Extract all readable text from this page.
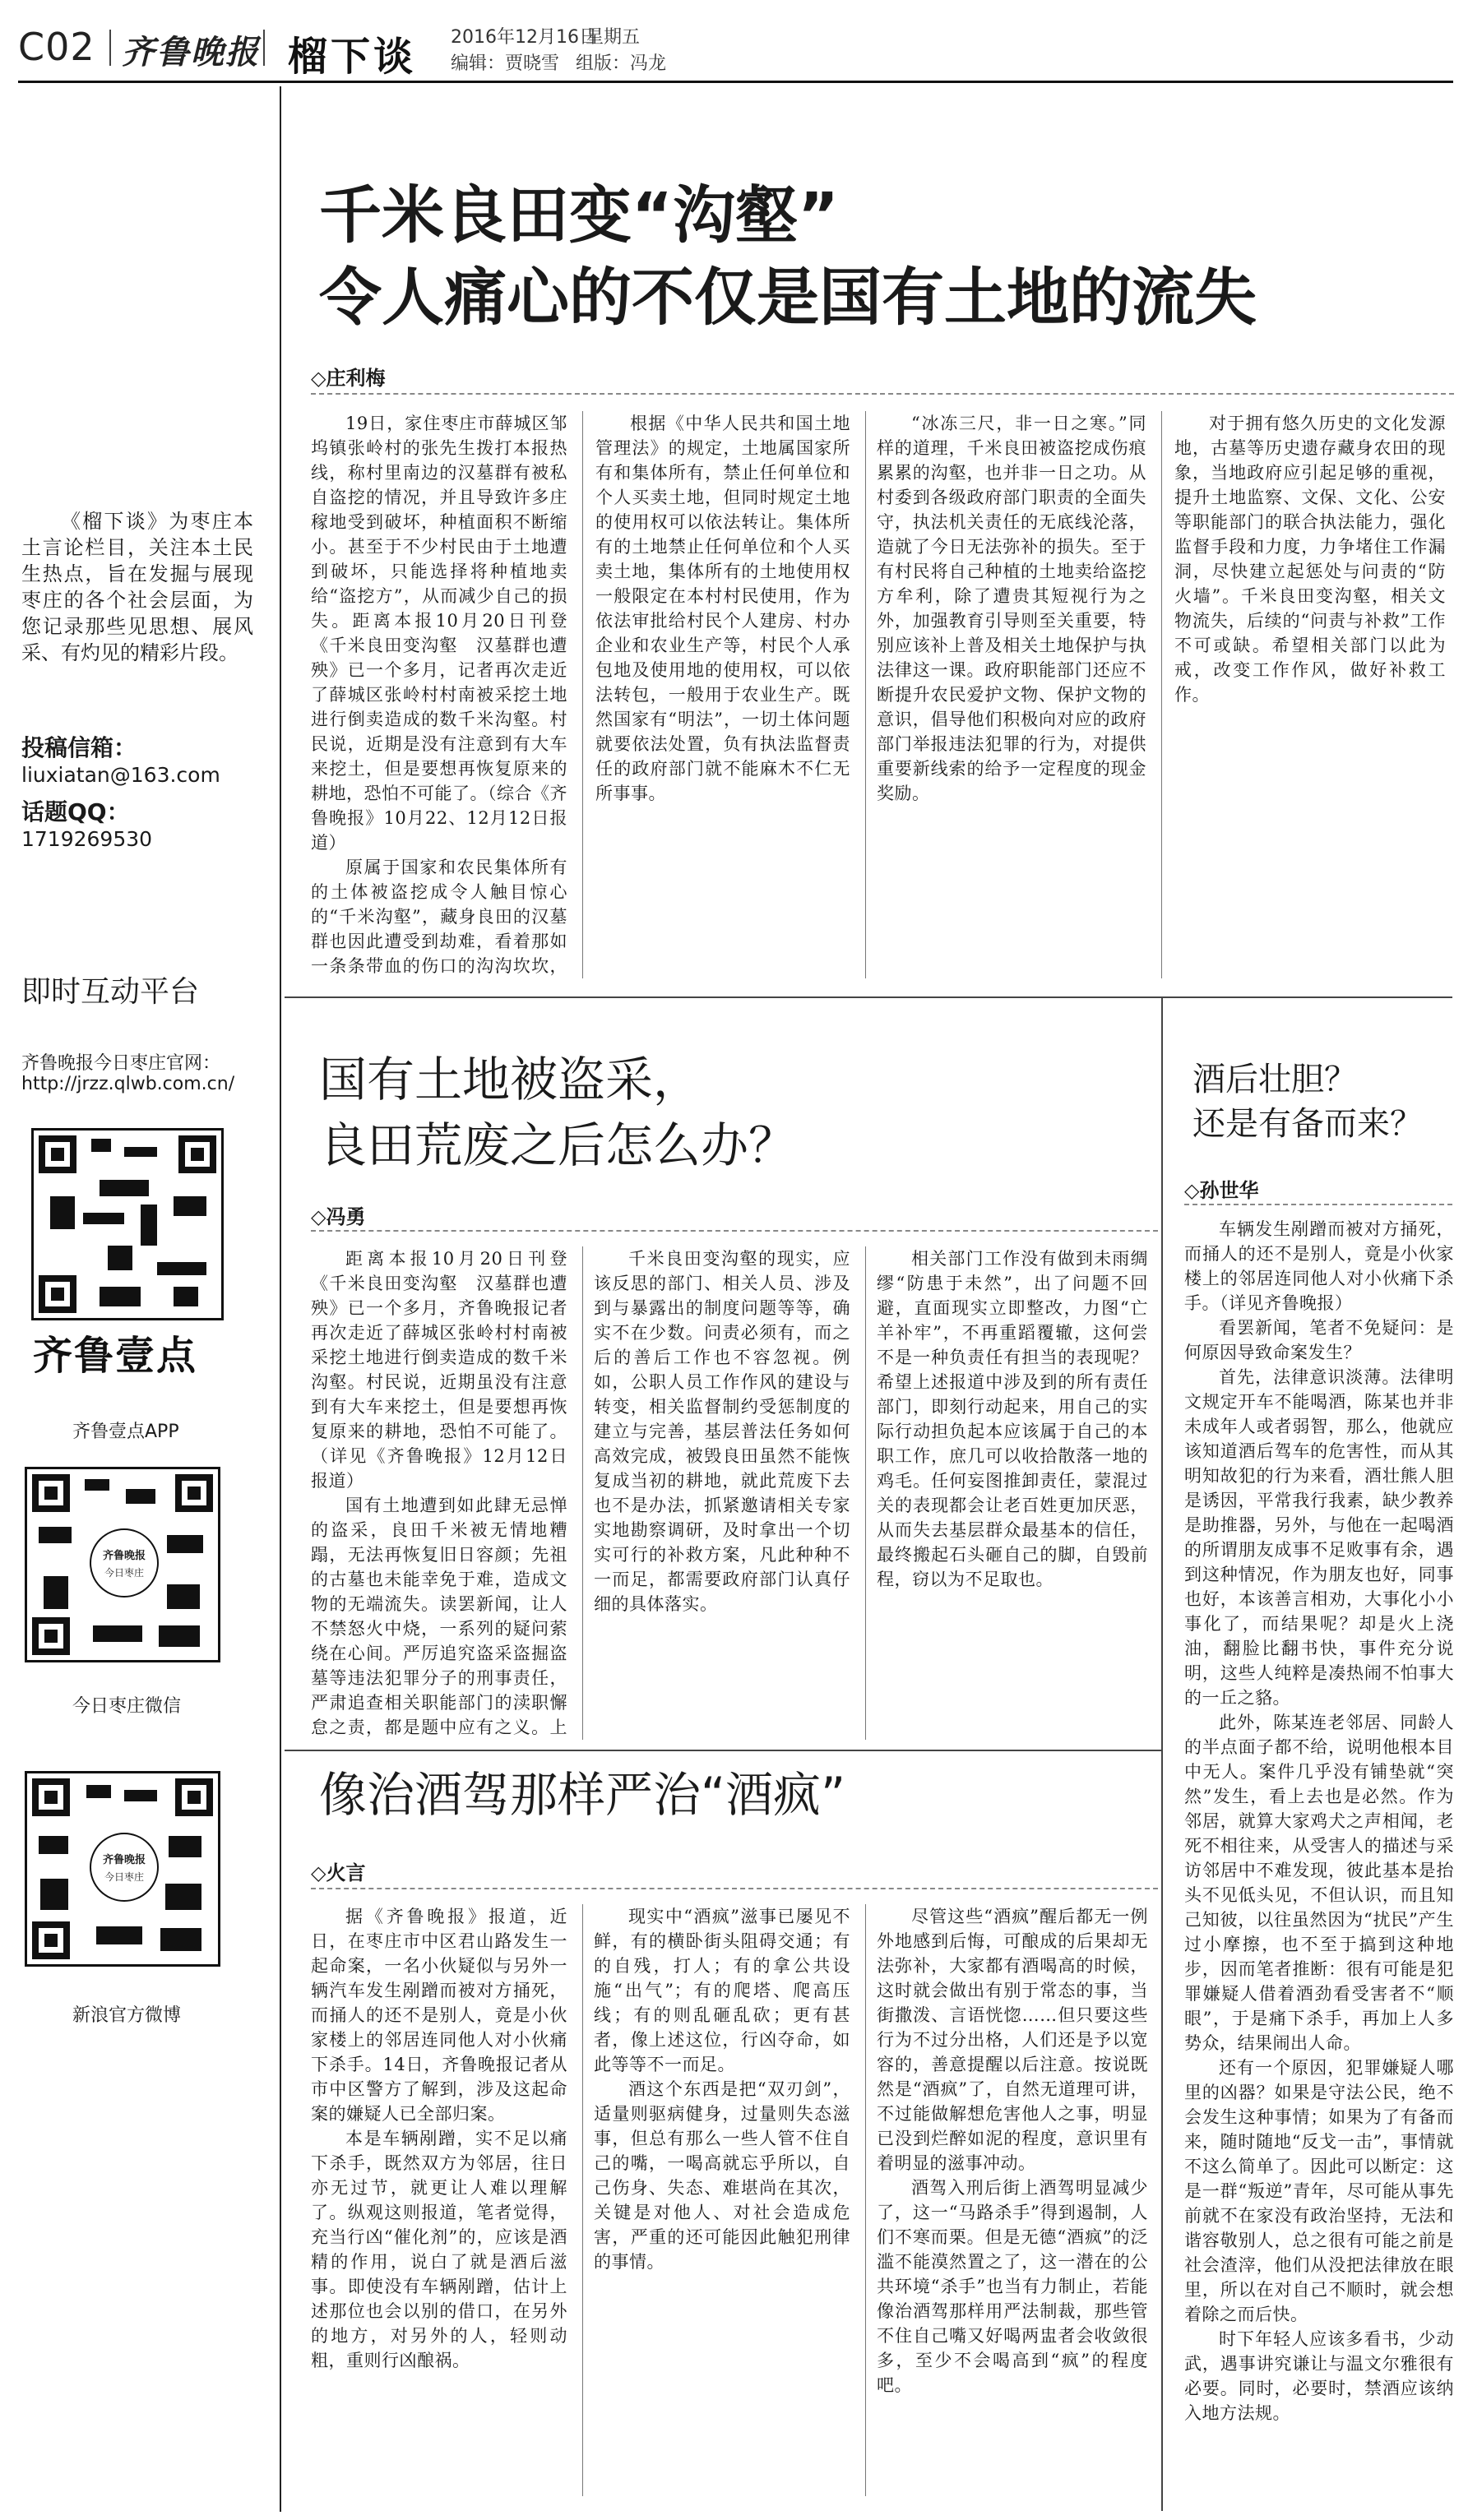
C02 齐鲁晚报 榴下谈 2016年12月16日
星期五
编辑：贾晓雪 组版：冯龙
《榴下谈》为枣庄本土言论栏目，关注本土民生热点，旨在发掘与展现枣庄的各个社会层面，为您记录那些见思想、展风采、有灼见的精彩片段。
投稿信箱：
liuxiatan@163.com
话题QQ：
1719269530
即时互动平台
齐鲁晚报今日枣庄官网：
http://jrzz.qlwb.com.cn/
齐鲁壹点
齐鲁壹点APP
齐鲁晚报
今日枣庄
今日枣庄微信
齐鲁晚报
今日枣庄
新浪官方微博
千米良田变“沟壑”
令人痛心的不仅是国有土地的流失
◇庄利梅

19日，家住枣庄市薛城区邹坞镇张岭村的张先生拨打本报热线，称村里南边的汉墓群有被私自盗挖的情况，并且导致许多庄稼地受到破坏，种植面积不断缩小。甚至于不少村民由于土地遭到破坏，只能选择将种植地卖给“盗挖方”，从而减少自己的损失。距离本报10月20日刊登《千米良田变沟壑　汉墓群也遭殃》已一个多月，记者再次走近了薛城区张岭村村南被采挖土地进行倒卖造成的数千米沟壑。村民说，近期是没有注意到有大车来挖土，但是要想再恢复原来的耕地，恐怕不可能了。（综合《齐鲁晚报》10月22、12月12日报道）

原属于国家和农民集体所有的土体被盗挖成令人触目惊心的“千米沟壑”，藏身良田的汉墓群也因此遭受到劫难，看着那如一条条带血的伤口的沟沟坎坎，

根据《中华人民共和国土地管理法》的规定，土地属国家所有和集体所有，禁止任何单位和个人买卖土地，但同时规定土地的使用权可以依法转让。集体所有的土地禁止任何单位和个人买卖土地，集体所有的土地使用权一般限定在本村村民使用，作为依法审批给村民个人建房、村办企业和农业生产等，村民个人承包地及使用地的使用权，可以依法转包，一般用于农业生产。既然国家有“明法”，一切土体问题就要依法处置，负有执法监督责任的政府部门就不能麻木不仁无所事事。

“冰冻三尺，非一日之寒。”同样的道理，千米良田被盗挖成伤痕累累的沟壑，也并非一日之功。从村委到各级政府部门职责的全面失守，执法机关责任的无底线沦落，造就了今日无法弥补的损失。至于有村民将自己种植的土地卖给盗挖方牟利，除了遭贵其短视行为之外，加强教育引导则至关重要，特别应该补上普及相关土地保护与执法律这一课。政府职能部门还应不断提升农民爱护文物、保护文物的意识，倡导他们积极向对应的政府部门举报违法犯罪的行为，对提供重要新线索的给予一定程度的现金奖励。

对于拥有悠久历史的文化发源地，古墓等历史遗存藏身农田的现象，当地政府应引起足够的重视，提升土地监察、文保、文化、公安等职能部门的联合执法能力，强化监督手段和力度，力争堵住工作漏洞，尽快建立起惩处与问责的“防火墙”。千米良田变沟壑，相关文物流失，后续的“问责与补救”工作不可或缺。希望相关部门以此为戒，改变工作作风，做好补救工作。

国有土地被盗采，
良田荒废之后怎么办？
◇冯勇

距离本报10月20日刊登《千米良田变沟壑　汉墓群也遭殃》已一个多月，齐鲁晚报记者再次走近了薛城区张岭村村南被采挖土地进行倒卖造成的数千米沟壑。村民说，近期虽没有注意到有大车来挖土，但是要想再恢复原来的耕地，恐怕不可能了。（详见《齐鲁晚报》12月12日报道）

国有土地遭到如此肆无忌惮的盗采，良田千米被无情地糟蹋，无法再恢复旧日容颜；先祖的古墓也未能幸免于难，造成文物的无端流失。读罢新闻，让人不禁怒火中烧，一系列的疑问萦绕在心间。严厉追究盗采盗掘盗墓等违法犯罪分子的刑事责任，严肃追查相关职能部门的渎职懈怠之责，都是题中应有之义。上

千米良田变沟壑的现实，应该反思的部门、相关人员、涉及到与暴露出的制度问题等等，确实不在少数。问责必须有，而之后的善后工作也不容忽视。例如，公职人员工作作风的建设与转变，相关监督制约受惩制度的建立与完善，基层普法任务如何高效完成，被毁良田虽然不能恢复成当初的耕地，就此荒废下去也不是办法，抓紧邀请相关专家实地勘察调研，及时拿出一个切实可行的补救方案，凡此种种不一而足，都需要政府部门认真仔细的具体落实。

相关部门工作没有做到未雨绸缪“防患于未然”，出了问题不回避，直面现实立即整改，力图“亡羊补牢”，不再重蹈覆辙，这何尝不是一种负责任有担当的表现呢？希望上述报道中涉及到的所有责任部门，即刻行动起来，用自己的实际行动担负起本应该属于自己的本职工作，庶几可以收拾散落一地的鸡毛。任何妄图推卸责任，蒙混过关的表现都会让老百姓更加厌恶，从而失去基层群众最基本的信任，最终搬起石头砸自己的脚，自毁前程，窃以为不足取也。

像治酒驾那样严治“酒疯”
◇火言

据《齐鲁晚报》报道，近日，在枣庄市中区君山路发生一起命案，一名小伙疑似与另外一辆汽车发生剐蹭而被对方捅死，而捅人的还不是别人，竟是小伙家楼上的邻居连同他人对小伙痛下杀手。14日，齐鲁晚报记者从市中区警方了解到，涉及这起命案的嫌疑人已全部归案。

本是车辆剐蹭，实不足以痛下杀手，既然双方为邻居，往日亦无过节，就更让人难以理解了。纵观这则报道，笔者觉得，充当行凶“催化剂”的，应该是酒精的作用，说白了就是酒后滋事。即使没有车辆剐蹭，估计上述那位也会以别的借口，在另外的地方，对另外的人，轻则动粗，重则行凶酿祸。

现实中“酒疯”滋事已屡见不鲜，有的横卧街头阻碍交通；有的自残，打人；有的拿公共设施“出气”；有的爬塔、爬高压线；有的则乱砸乱砍；更有甚者，像上述这位，行凶夺命，如此等等不一而足。

酒这个东西是把“双刃剑”，适量则驱病健身，过量则失态滋事，但总有那么一些人管不住自己的嘴，一喝高就忘乎所以，自己伤身、失态、难堪尚在其次，关键是对他人、对社会造成危害，严重的还可能因此触犯刑律的事情。

尽管这些“酒疯”醒后都无一例外地感到后悔，可酿成的后果却无法弥补，大家都有酒喝高的时候，这时就会做出有别于常态的事，当街撒泼、言语恍惚……但只要这些行为不过分出格，人们还是予以宽容的，善意提醒以后注意。按说既然是“酒疯”了，自然无道理可讲，不过能做解想危害他人之事，明显已没到烂醉如泥的程度，意识里有着明显的滋事冲动。

酒驾入刑后街上酒驾明显减少了，这一“马路杀手”得到遏制，人们不寒而栗。但是无德“酒疯”的泛滥不能漠然置之了，这一潜在的公共环境“杀手”也当有力制止，若能像治酒驾那样用严法制裁，那些管不住自己嘴又好喝两盅者会收敛很多，至少不会喝高到“疯”的程度吧。

酒后壮胆？
还是有备而来？
◇孙世华

车辆发生剐蹭而被对方捅死，而捅人的还不是别人，竟是小伙家楼上的邻居连同他人对小伙痛下杀手。（详见齐鲁晚报）

看罢新闻，笔者不免疑问：是何原因导致命案发生？

首先，法律意识淡薄。法律明文规定开车不能喝酒，陈某也并非未成年人或者弱智，那么，他就应该知道酒后驾车的危害性，而从其明知故犯的行为来看，酒壮熊人胆是诱因，平常我行我素，缺少教养是助推器，另外，与他在一起喝酒的所谓朋友成事不足败事有余，遇到这种情况，作为朋友也好，同事也好，本该善言相劝，大事化小小事化了，而结果呢？却是火上浇油，翻脸比翻书快，事件充分说明，这些人纯粹是凑热闹不怕事大的一丘之貉。

此外，陈某连老邻居、同龄人的半点面子都不给，说明他根本目中无人。案件几乎没有铺垫就“突然”发生，看上去也是必然。作为邻居，就算大家鸡犬之声相闻，老死不相往来，从受害人的描述与采访邻居中不难发现，彼此基本是抬头不见低头见，不但认识，而且知己知彼，以往虽然因为“扰民”产生过小摩擦，也不至于搞到这种地步，因而笔者推断：很有可能是犯罪嫌疑人借着酒劲看受害者不“顺眼”，于是痛下杀手，再加上人多势众，结果闹出人命。

还有一个原因，犯罪嫌疑人哪里的凶器？如果是守法公民，绝不会发生这种事情；如果为了有备而来，随时随地“反戈一击”，事情就不这么简单了。因此可以断定：这是一群“叛逆”青年，尽可能从事先前就不在家没有政治坚持，无法和谐容敬别人，总之很有可能之前是社会渣滓，他们从没把法律放在眼里，所以在对自己不顺时，就会想着除之而后快。

时下年轻人应该多看书，少动武，遇事讲究谦让与温文尔雅很有必要。同时，必要时，禁酒应该纳入地方法规。
